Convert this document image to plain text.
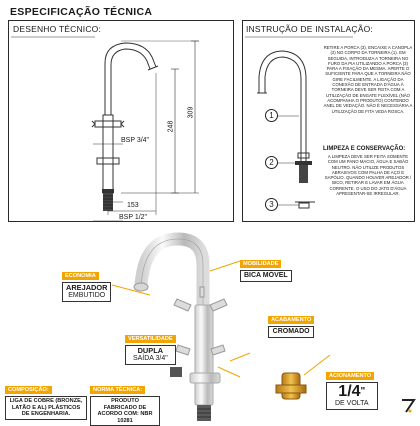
ESPECIFICAÇÃO TÉCNICA
DESENHO TÉCNICO:
248
309
153
BSP 3/4"
BSP 1/2"
INSTRUÇÃO DE INSTALAÇÃO:
1
2
3
RETIRE A PORCA (3), ENCAIXE A CANOPLA (2) NO CORPO DA TORNEIRA (1). EM SEGUIDA, INTRODUZA A TORNEIRA NO FURO DA PIA UTILIZANDO A PORCA (3) PARA A FIXAÇÃO DA MESMA. APERTE O SUFICIENTE PARA QUE A TORNEIRA NÃO GIRE FACILMENTE. A LIGAÇÃO DA CONEXÃO DE ENTRADA D'ÁGUA À TORNEIRA DEVE SER FEITA COM A UTILIZAÇÃO DE ENGATE FLEXÍVEL (NÃO ACOMPANHA O PRODUTO) CONTENDO ANEL DE VEDAÇÃO. NÃO É NECESSÁRIA A UTILIZAÇÃO DE FITA VEDA ROSCA.
LIMPEZA E CONSERVAÇÃO:
A LIMPEZA DEVE SER FEITA SOMENTE COM UM PANO MACIO, ÁGUA E SABÃO NEUTRO. NÃO UTILIZE PRODUTOS ABRASIVOS COM PALHA DE AÇO E SAPÓLIO. QUANDO HOUVER AREJADOR / BICO, RETIRAR E LAVAR EM ÁGUA CORRENTE. O USO DO JATO D'ÁGUA APRESENTAR-SE IRREGULAR.
MOBILIDADE
BICA MÓVEL
ECONOMIA
AREJADOR
EMBUTIDO
ACABAMENTO
CROMADO
VERSATILIDADE
DUPLA
SAÍDA 3/4"
ACIONAMENTO
1/4"
DE VOLTA
COMPOSIÇÃO:
LIGA DE COBRE (BRONZE, LATÃO E AL) PLÁSTICOS DE ENGENHARIA.
NORMA TÉCNICA:
PRODUTO FABRICADO DE ACORDO COM: NBR 10281
